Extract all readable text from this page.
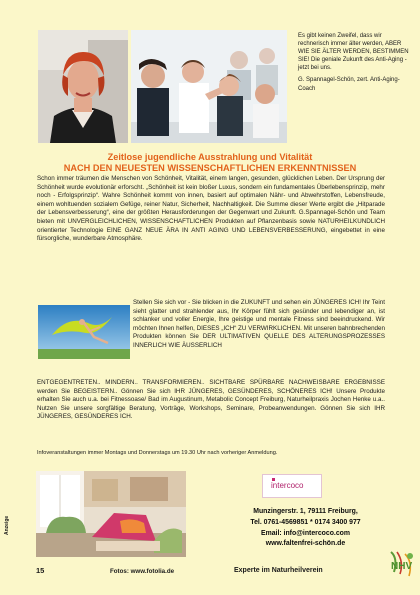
Es gibt keinen Zweifel, dass wir rechnerisch immer älter werden, ABER WIE SIE ÄLTER WERDEN, BESTIMMEN SIE! Die geniale Zukunft des Anti-Aging - jetzt bei uns.

G. Spannagel-Schön, zert. Anti-Aging-Coach

Zeitlose jugendliche Ausstrahlung und Vitalität
NACH DEN NEUESTEN WISSENSCHAFTLICHEN ERKENNTNISSEN
Schon immer träumen die Menschen von Schönheit, Vitalität, einem langen, gesunden, glücklichen Leben. Der Ursprung der Schönheit wurde evolutionär erforscht. „Schönheit ist kein bloßer Luxus, sondern ein fundamentales Überlebensprinzip, mehr noch - Erfolgsprinzip“. Wahre Schönheit kommt von innen, basiert auf optimalen Nähr- und Abwehrstoffen, Lebensfreude, einem wohltuenden sozialem Gefüge, reiner Natur, Sicherheit, Nachhaltigkeit. Die Summe dieser Werte ergibt die „Hitparade der Lebensverbesserung“, eine der größten Herausforderungen der Gegenwart und Zukunft. G.Spannagel-Schön und Team bieten mit UNVERGLEICHLICHEN, WISSENSCHAFTLICHEN Produkten auf Pflanzenbasis sowie NATURHEILKUNDLICH orientierter Technologie EINE GANZ NEUE ÄRA IN ANTI AGING UND LEBENSVERBESSERUNG, eingebettet in eine fürsorgliche, wunderbare Atmosphäre.
Stellen Sie sich vor - Sie blicken in die ZUKUNFT und sehen ein JÜNGERES ICH! Ihr Teint sieht glatter und strahlender aus, Ihr Körper fühlt sich gesünder und lebendiger an, ist schlanker und voller Energie, Ihre geistige und mentale Fitness sind beeindruckend. Wir möchten Ihnen helfen, DIESES „ICH“ ZU VERWIRKLICHEN. Mit unseren bahnbrechenden Produkten können Sie DER ULTIMATIVEN QUELLE DES ALTERUNGSPROZESSES INNERLICH WIE ÄUSSERLICH
ENTGEGENTRETEN.. MINDERN.. TRANSFORMIEREN.. SICHTBARE SPÜRBARE NACHWEISBARE ERGEBNISSE werden Sie BEGEISTERN.. Gönnen Sie sich IHR JÜNGERES, GESÜNDERES, SCHÖNERES ICH! Unsere Produkte erhalten Sie auch u.a. bei Fitnessoase/ Bad im Augustinum, Metabolic Concept Freiburg, Naturheilpraxis Jochen Henke u.a.. Nutzen Sie unsere sorgfältige Beratung, Vorträge, Workshops, Seminare, Probeanwendungen. Gönnen Sie sich IHR JÜNGERES, GESÜNDERES ICH.
Infoveranstaltungen immer Montags und Donnerstags um 19.30 Uhr nach vorheriger Anmeldung.
intercoco
Munzingerstr. 1, 79111 Freiburg,
Tel. 0761-4569851 * 0174 3400 977
Email: info@intercoco.com
www.faltenfrei-schön.de
NHV
15	Fotos: www.fotolia.de	Experte im Naturheilverein
Anzeige
